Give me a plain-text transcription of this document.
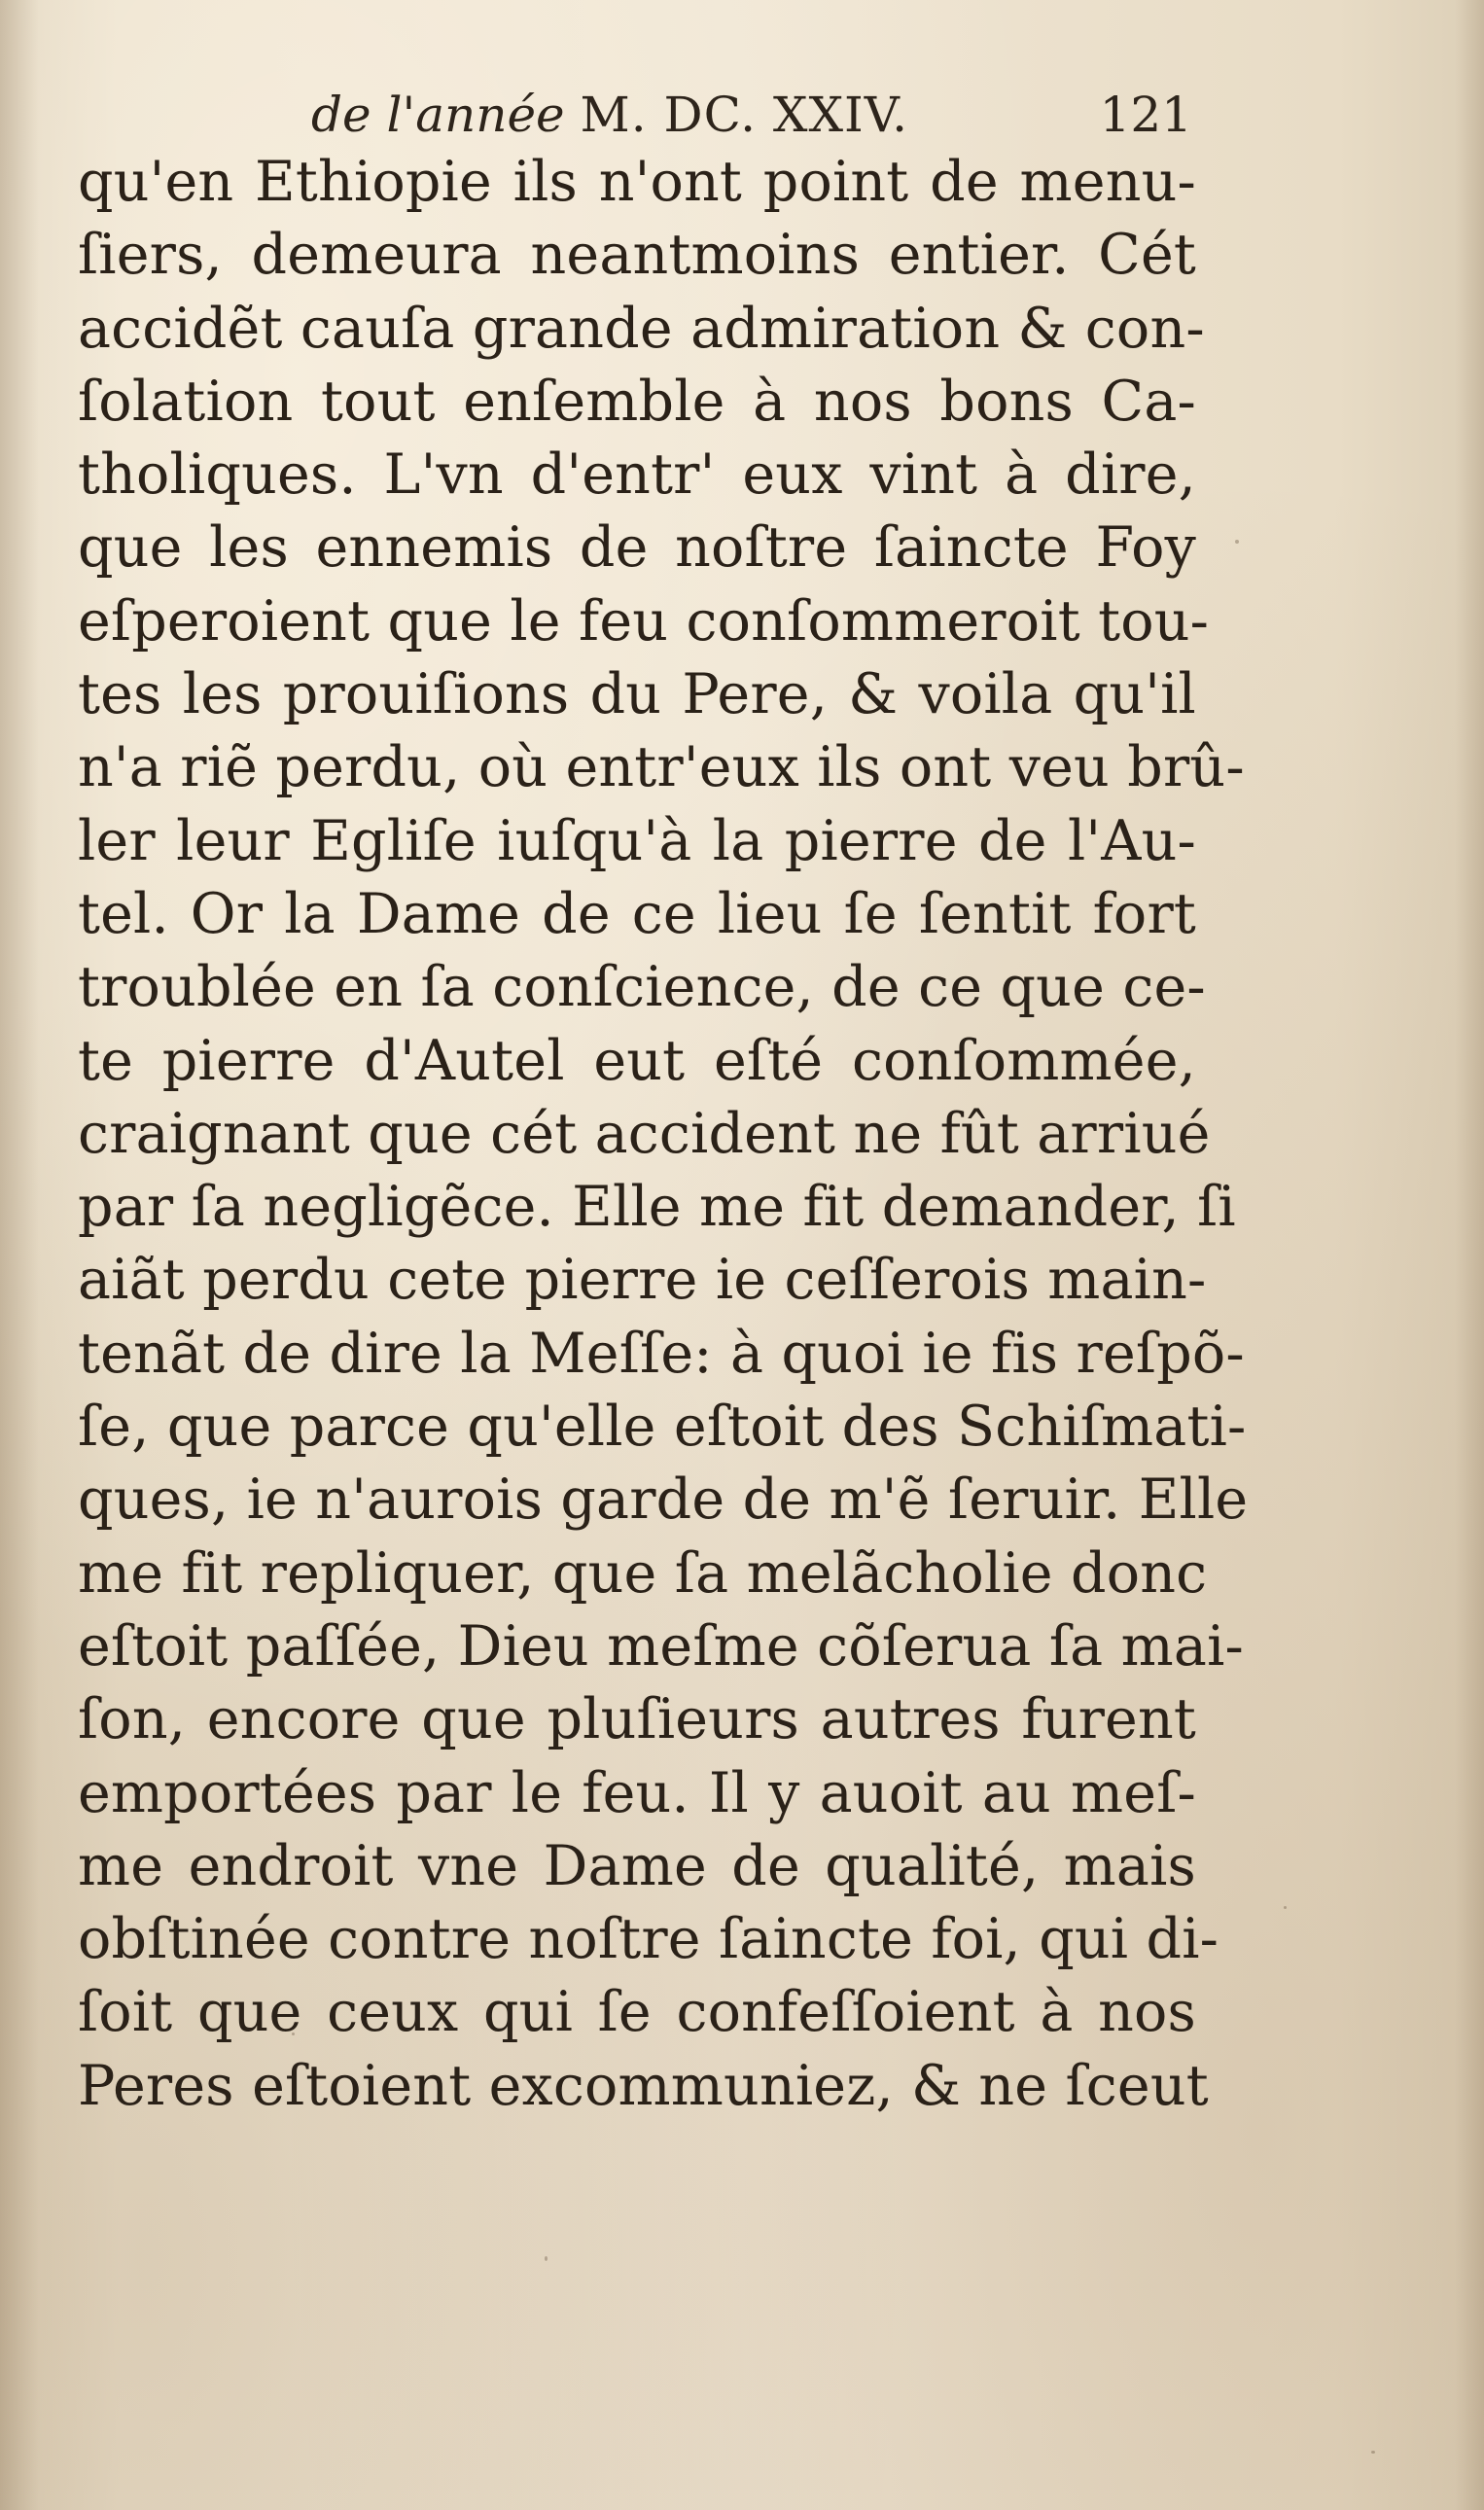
de l'année M. DC. XXIV.	121
qu'en Ethiopie ils n'ont point de menu-
ſiers, demeura neantmoins entier. Cét
accidẽt cauſa grande admiration & con-
ſolation tout enſemble à nos bons Ca-
tholiques. L'vn d'entr' eux vint à dire,
que les ennemis de noſtre ſaincte Foy
eſperoient que le feu conſommeroit tou-
tes les prouiſions du Pere, & voila qu'il
n'a riẽ perdu, où entr'eux ils ont veu brû-
ler leur Egliſe iuſqu'à la pierre de l'Au-
tel. Or la Dame de ce lieu ſe ſentit fort
troublée en ſa conſcience, de ce que ce-
te pierre d'Autel eut eſté conſommée,
craignant que cét accident ne fût arriué
par ſa negligẽce. Elle me fit demander, ſi
aiãt perdu cete pierre ie ceſſerois main-
tenãt de dire la Meſſe: à quoi ie fis reſpõ-
ſe, que parce qu'elle eſtoit des Schiſmati-
ques, ie n'aurois garde de m'ẽ ſeruir. Elle
me fit repliquer, que ſa melãcholie donc
eſtoit paſſée, Dieu meſme cõſerua ſa mai-
ſon, encore que pluſieurs autres furent
emportées par le feu. Il y auoit au meſ-
me endroit vne Dame de qualité, mais
obſtinée contre noſtre ſaincte foi, qui di-
ſoit que ceux qui ſe confeſſoient à nos
Peres eſtoient excommuniez, & ne ſceut
